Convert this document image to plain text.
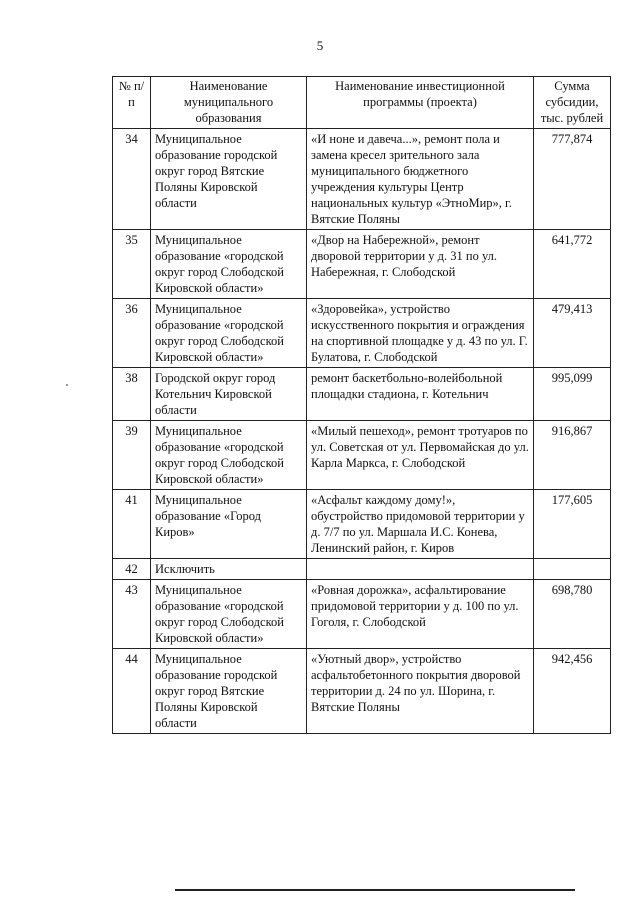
5
№ п/п	Наименование муниципального образования	Наименование инвестиционной программы (проекта)	Сумма субсидии, тыс. рублей
34	Муниципальное образование городской округ город Вятские Поляны Кировской области	«И ноне и давеча...», ремонт пола и замена кресел зрительного зала муниципального бюджетного учреждения культуры Центр национальных культур «ЭтноМир», г. Вятские Поляны	777,874
35	Муниципальное образование «городской округ город Слободской Кировской области»	«Двор на Набережной», ремонт дворовой территории у д. 31 по ул. Набережная, г. Слободской	641,772
36	Муниципальное образование «городской округ город Слободской Кировской области»	«Здоровейка», устройство искусственного покрытия и ограждения на спортивной площадке у д. 43 по ул. Г. Булатова, г. Слободской	479,413
38	Городской округ город Котельнич Кировской области	ремонт баскетбольно-волейбольной площадки стадиона, г. Котельнич	995,099
39	Муниципальное образование «городской округ город Слободской Кировской области»	«Милый пешеход», ремонт тротуаров по ул. Советская от ул. Первомайская до ул. Карла Маркса, г. Слободской	916,867
41	Муниципальное образование «Город Киров»	«Асфальт каждому дому!», обустройство придомовой территории у д. 7/7 по ул. Маршала И.С. Конева, Ленинский район, г. Киров	177,605
42	Исключить		
43	Муниципальное образование «городской округ город Слободской Кировской области»	«Ровная дорожка», асфальтирование придомовой территории у д. 100 по ул. Гоголя, г. Слободской	698,780
44	Муниципальное образование городской округ город Вятские Поляны Кировской области	«Уютный двор», устройство асфальтобетонного покрытия дворовой территории д. 24 по ул. Шорина, г. Вятские Поляны	942,456
